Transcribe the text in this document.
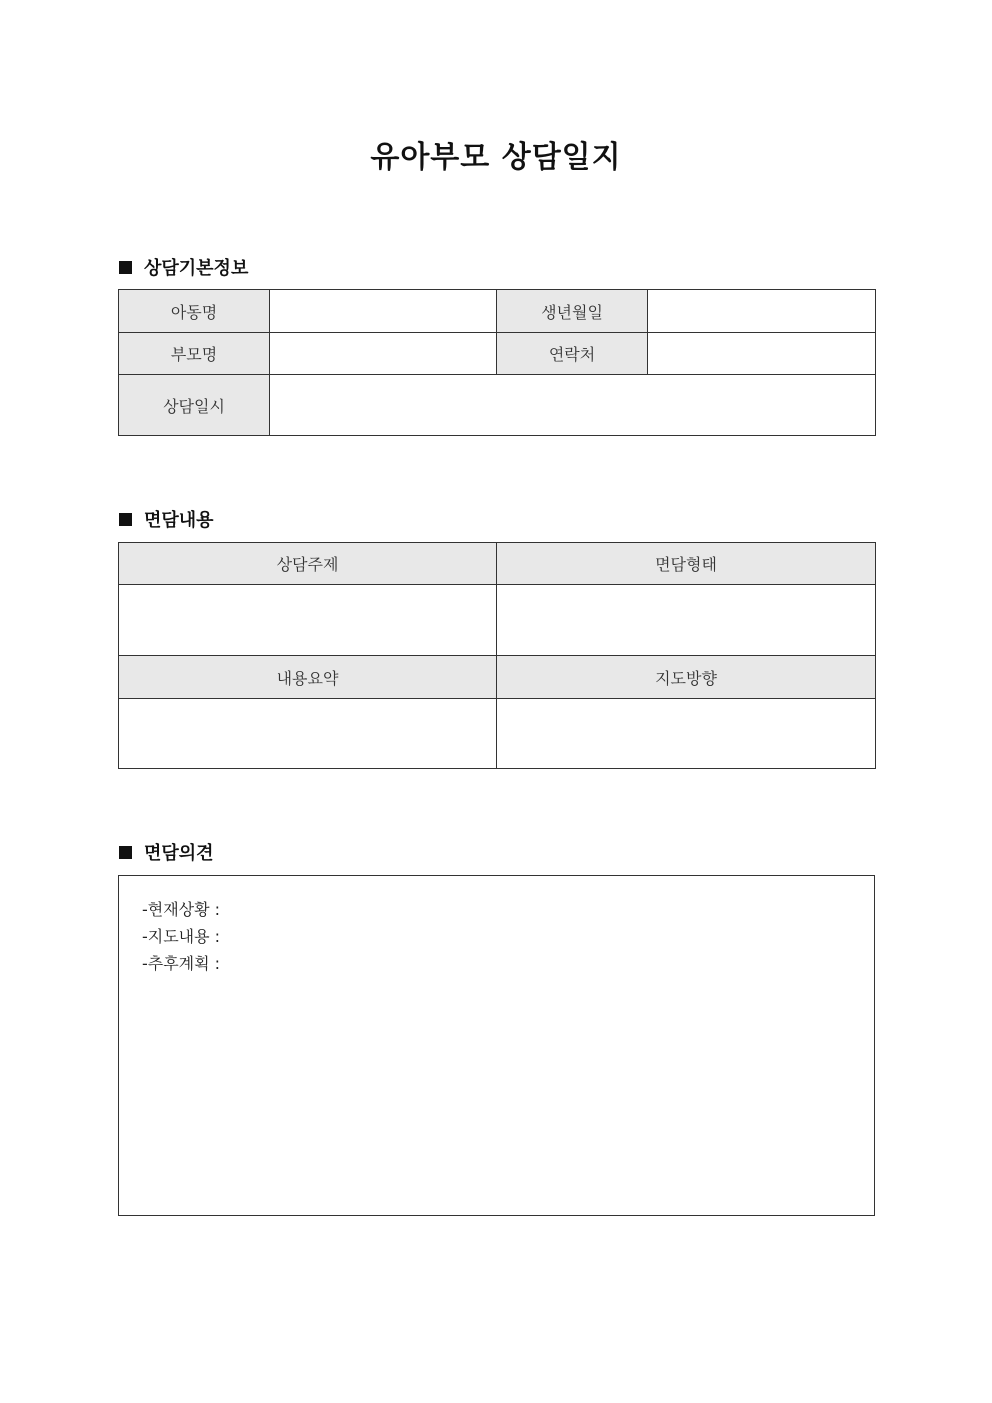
유아부모 상담일지
상담기본정보
아동명		생년월일	
부모명		연락처	
상담일시			
면담내용
상담주제	면담형태

내용요약	지도방향

면담의견
-현재상황 :
-지도내용 :
-추후계획 :
